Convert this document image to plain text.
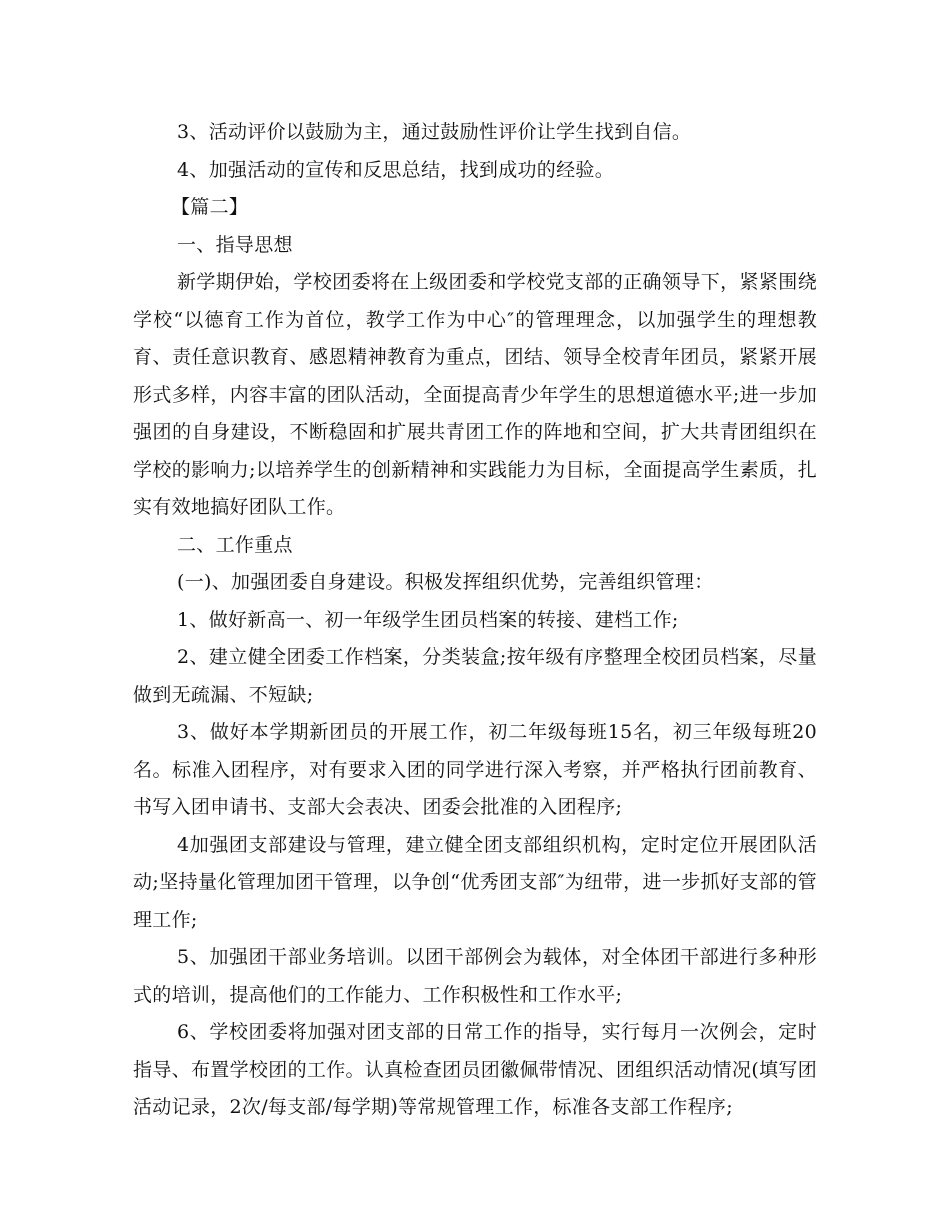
3、活动评价以鼓励为主，通过鼓励性评价让学生找到自信。

4、加强活动的宣传和反思总结，找到成功的经验。

【篇二】

一、指导思想

新学期伊始，学校团委将在上级团委和学校党支部的正确领导下，紧紧围绕学校“以德育工作为首位，教学工作为中心″的管理理念，以加强学生的理想教育、责任意识教育、感恩精神教育为重点，团结、领导全校青年团员，紧紧开展形式多样，内容丰富的团队活动，全面提高青少年学生的思想道德水平;进一步加强团的自身建设，不断稳固和扩展共青团工作的阵地和空间，扩大共青团组织在学校的影响力;以培养学生的创新精神和实践能力为目标，全面提高学生素质，扎实有效地搞好团队工作。

二、工作重点

(一)、加强团委自身建设。积极发挥组织优势，完善组织管理：

1、做好新高一、初一年级学生团员档案的转接、建档工作;

2、建立健全团委工作档案，分类装盒;按年级有序整理全校团员档案，尽量做到无疏漏、不短缺;

3、做好本学期新团员的开展工作，初二年级每班15名，初三年级每班20名。标准入团程序，对有要求入团的同学进行深入考察，并严格执行团前教育、书写入团申请书、支部大会表决、团委会批准的入团程序;

4加强团支部建设与管理，建立健全团支部组织机构，定时定位开展团队活动;坚持量化管理加团干管理，以争创“优秀团支部″为纽带，进一步抓好支部的管理工作;

5、加强团干部业务培训。以团干部例会为载体，对全体团干部进行多种形式的培训，提高他们的工作能力、工作积极性和工作水平;

6、学校团委将加强对团支部的日常工作的指导，实行每月一次例会，定时指导、布置学校团的工作。认真检查团员团徽佩带情况、团组织活动情况(填写团活动记录，2次/每支部/每学期)等常规管理工作，标准各支部工作程序;
